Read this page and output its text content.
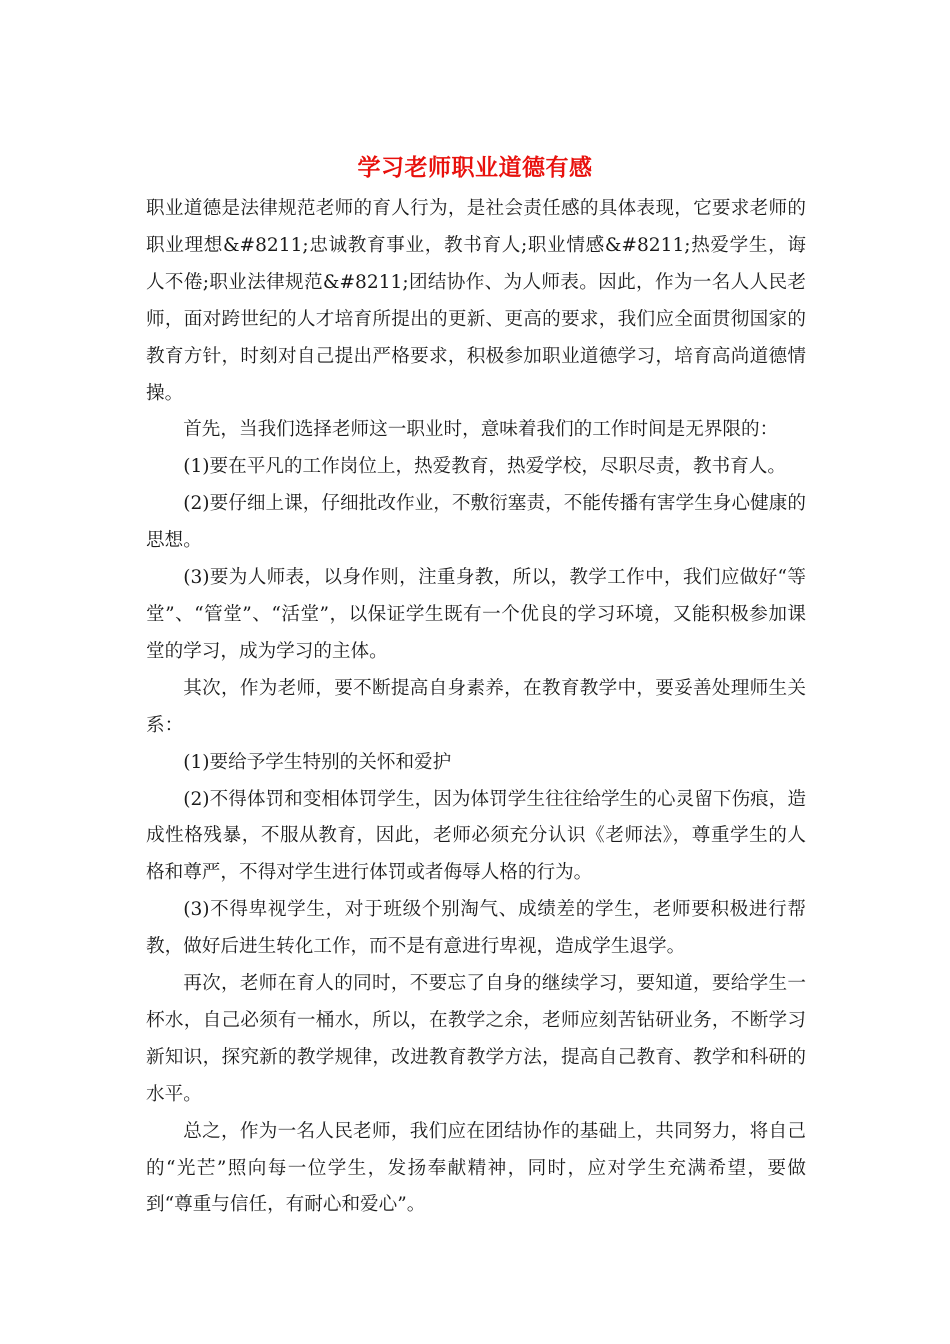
学习老师职业道德有感

职业道德是法律规范老师的育人行为，是社会责任感的具体表现，它要求老师的职业理想&#8211;忠诚教育事业，教书育人;职业情感&#8211;热爱学生，诲人不倦;职业法律规范&#8211;团结协作、为人师表。因此，作为一名人人民老师，面对跨世纪的人才培育所提出的更新、更高的要求，我们应全面贯彻国家的教育方针，时刻对自己提出严格要求，积极参加职业道德学习，培育高尚道德情操。

首先，当我们选择老师这一职业时，意味着我们的工作时间是无界限的：

(1)要在平凡的工作岗位上，热爱教育，热爱学校，尽职尽责，教书育人。

(2)要仔细上课，仔细批改作业，不敷衍塞责，不能传播有害学生身心健康的思想。

(3)要为人师表，以身作则，注重身教，所以，教学工作中，我们应做好“等堂”、“管堂”、“活堂”，以保证学生既有一个优良的学习环境，又能积极参加课堂的学习，成为学习的主体。

其次，作为老师，要不断提高自身素养，在教育教学中，要妥善处理师生关系：

(1)要给予学生特别的关怀和爱护

(2)不得体罚和变相体罚学生，因为体罚学生往往给学生的心灵留下伤痕，造成性格残暴，不服从教育，因此，老师必须充分认识《老师法》，尊重学生的人格和尊严，不得对学生进行体罚或者侮辱人格的行为。

(3)不得卑视学生，对于班级个别淘气、成绩差的学生，老师要积极进行帮教，做好后进生转化工作，而不是有意进行卑视，造成学生退学。

再次，老师在育人的同时，不要忘了自身的继续学习，要知道，要给学生一杯水，自己必须有一桶水，所以，在教学之余，老师应刻苦钻研业务，不断学习新知识，探究新的教学规律，改进教育教学方法，提高自己教育、教学和科研的水平。

总之，作为一名人民老师，我们应在团结协作的基础上，共同努力，将自己的“光芒”照向每一位学生，发扬奉献精神，同时，应对学生充满希望，要做到“尊重与信任，有耐心和爱心”。
